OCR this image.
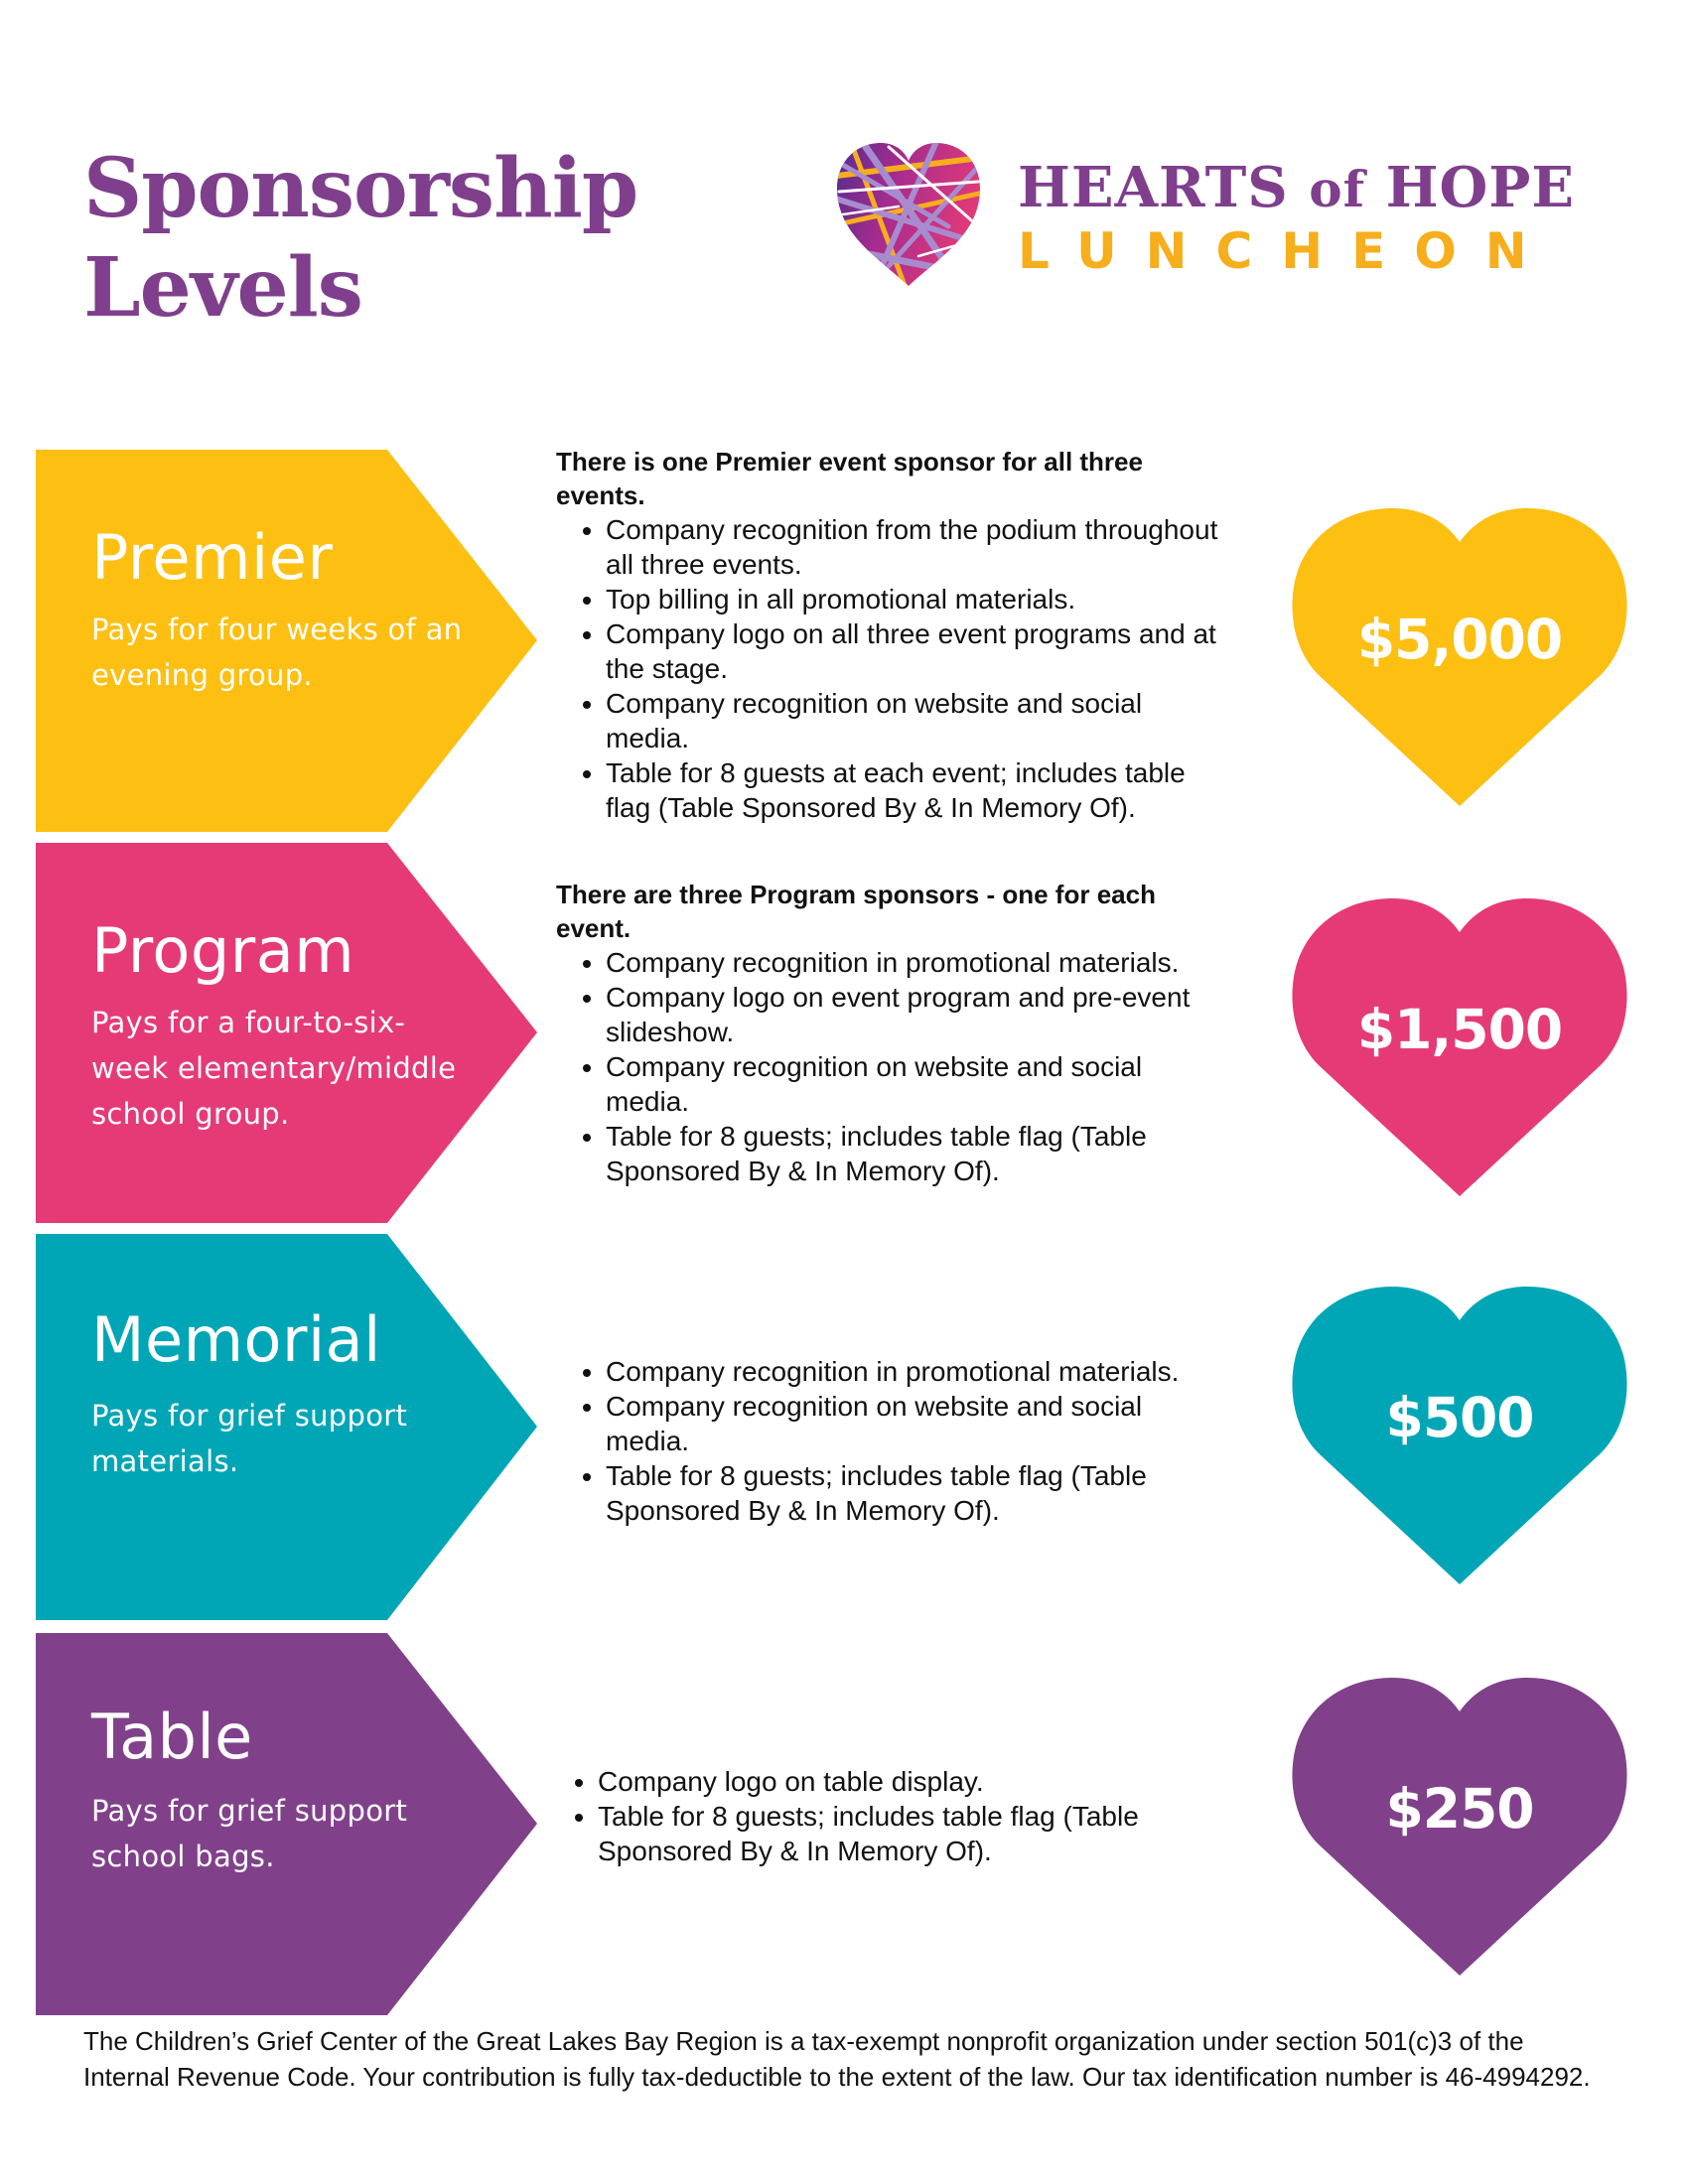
Sponsorship
Levels
HEARTS of HOPE
LUNCHEON
Premier
Pays for four weeks of an evening group.

There is one Premier event sponsor for all three events.

• Company recognition from the podium throughout all three events.
• Top billing in all promotional materials.
• Company logo on all three event programs and at the stage.
• Company recognition on website and social media.
• Table for 8 guests at each event; includes table flag (Table Sponsored By & In Memory Of).
$5,000
Program
Pays for a four-to-six-week elementary/middle school group.

There are three Program sponsors - one for each event.

• Company recognition in promotional materials.
• Company logo on event program and pre-event slideshow.
• Company recognition on website and social media.
• Table for 8 guests; includes table flag (Table Sponsored By & In Memory Of).
$1,500
Memorial
Pays for grief support materials.
• Company recognition in promotional materials.
• Company recognition on website and social media.
• Table for 8 guests; includes table flag (Table Sponsored By & In Memory Of).
$500
Table
Pays for grief support school bags.
• Company logo on table display.
• Table for 8 guests; includes table flag (Table Sponsored By & In Memory Of).
$250

The Children’s Grief Center of the Great Lakes Bay Region is a tax-exempt nonprofit organization under section 501(c)3 of the Internal Revenue Code. Your contribution is fully tax-deductible to the extent of the law. Our tax identification number is 46-4994292.
